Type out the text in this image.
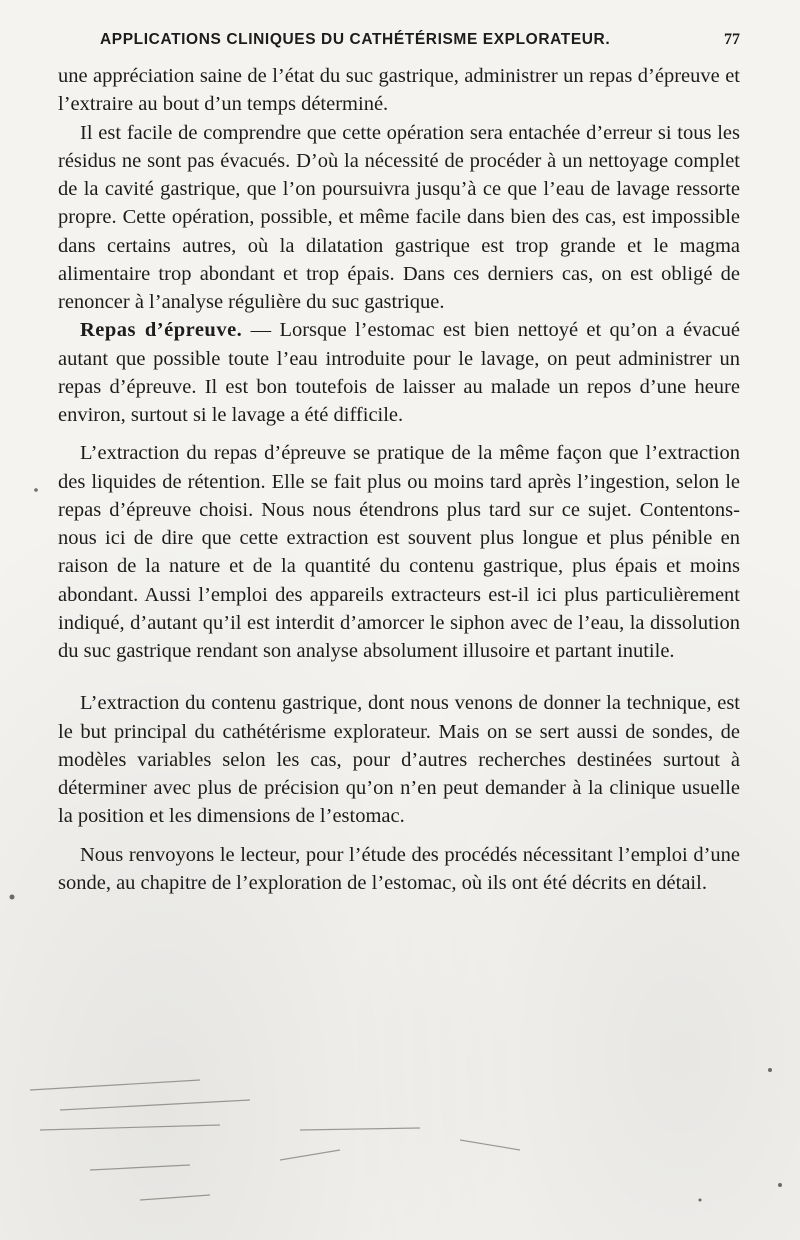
APPLICATIONS CLINIQUES DU CATHÉTÉRISME EXPLORATEUR.	77

une appréciation saine de l’état du suc gastrique, administrer un repas d’épreuve et l’extraire au bout d’un temps déterminé.

Il est facile de comprendre que cette opération sera entachée d’erreur si tous les résidus ne sont pas évacués. D’où la nécessité de procéder à un nettoyage complet de la cavité gastrique, que l’on poursuivra jusqu’à ce que l’eau de lavage ressorte propre. Cette opération, possible, et même facile dans bien des cas, est impossible dans certains autres, où la dilatation gastrique est trop grande et le magma alimentaire trop abondant et trop épais. Dans ces derniers cas, on est obligé de renoncer à l’analyse régulière du suc gastrique.

Repas d’épreuve. — Lorsque l’estomac est bien nettoyé et qu’on a évacué autant que possible toute l’eau introduite pour le lavage, on peut administrer un repas d’épreuve. Il est bon toutefois de laisser au malade un repos d’une heure environ, surtout si le lavage a été difficile.

L’extraction du repas d’épreuve se pratique de la même façon que l’extraction des liquides de rétention. Elle se fait plus ou moins tard après l’ingestion, selon le repas d’épreuve choisi. Nous nous étendrons plus tard sur ce sujet. Contentons-nous ici de dire que cette extraction est souvent plus longue et plus pénible en raison de la nature et de la quantité du contenu gastrique, plus épais et moins abondant. Aussi l’emploi des appareils extracteurs est-il ici plus particulièrement indiqué, d’autant qu’il est interdit d’amorcer le siphon avec de l’eau, la dissolution du suc gastrique rendant son analyse absolument illusoire et partant inutile.

L’extraction du contenu gastrique, dont nous venons de donner la technique, est le but principal du cathétérisme explorateur. Mais on se sert aussi de sondes, de modèles variables selon les cas, pour d’autres recherches destinées surtout à déterminer avec plus de précision qu’on n’en peut demander à la clinique usuelle la position et les dimensions de l’estomac.

Nous renvoyons le lecteur, pour l’étude des procédés nécessitant l’emploi d’une sonde, au chapitre de l’exploration de l’estomac, où ils ont été décrits en détail.
